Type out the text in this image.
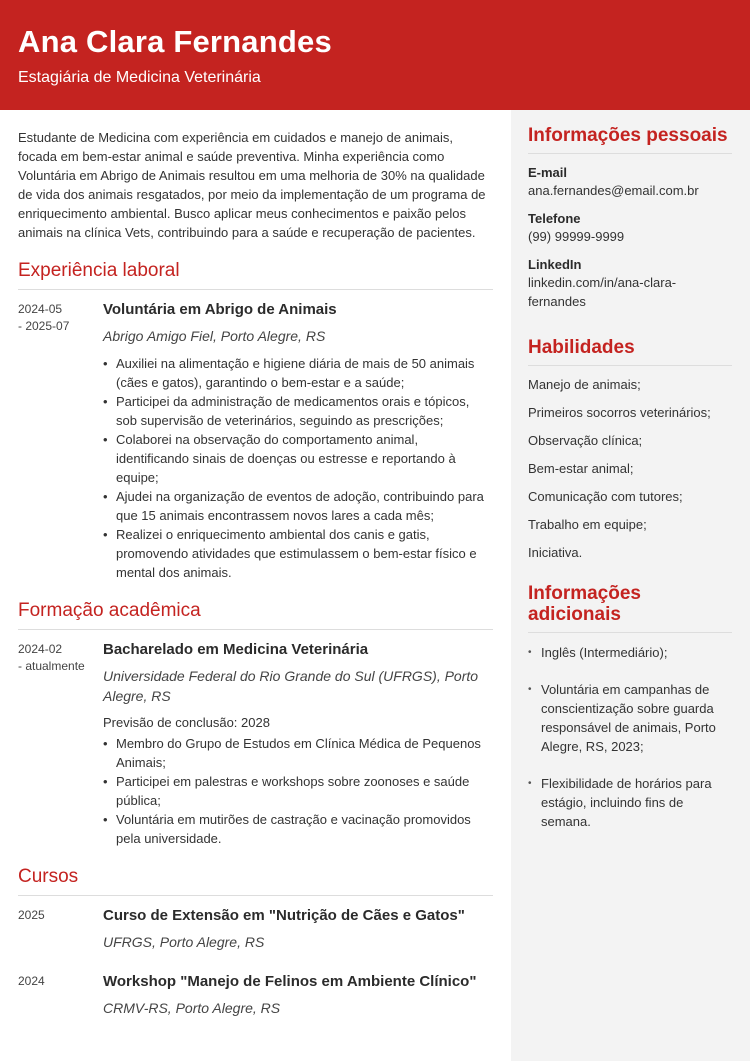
Ana Clara Fernandes
Estagiária de Medicina Veterinária

Estudante de Medicina com experiência em cuidados e manejo de animais, focada em bem-estar animal e saúde preventiva. Minha experiência como Voluntária em Abrigo de Animais resultou em uma melhoria de 30% na qualidade de vida dos animais resgatados, por meio da implementação de um programa de enriquecimento ambiental. Busco aplicar meus conhecimentos e paixão pelos animais na clínica Vets, contribuindo para a saúde e recuperação de pacientes.

Experiência laboral
2024-05
- 2025-07
Voluntária em Abrigo de Animais
Abrigo Amigo Fiel, Porto Alegre, RS
• Auxiliei na alimentação e higiene diária de mais de 50 animais (cães e gatos), garantindo o bem-estar e a saúde;
• Participei da administração de medicamentos orais e tópicos, sob supervisão de veterinários, seguindo as prescrições;
• Colaborei na observação do comportamento animal, identificando sinais de doenças ou estresse e reportando à equipe;
• Ajudei na organização de eventos de adoção, contribuindo para que 15 animais encontrassem novos lares a cada mês;
• Realizei o enriquecimento ambiental dos canis e gatis, promovendo atividades que estimulassem o bem-estar físico e mental dos animais.
Formação acadêmica
2024-02
- atualmente
Bacharelado em Medicina Veterinária
Universidade Federal do Rio Grande do Sul (UFRGS), Porto Alegre, RS
Previsão de conclusão: 2028
• Membro do Grupo de Estudos em Clínica Médica de Pequenos Animais;
• Participei em palestras e workshops sobre zoonoses e saúde pública;
• Voluntária em mutirões de castração e vacinação promovidos pela universidade.
Cursos
2025	Curso de Extensão em "Nutrição de Cães e Gatos"
UFRGS, Porto Alegre, RS
2024	Workshop "Manejo de Felinos em Ambiente Clínico"
CRMV-RS, Porto Alegre, RS
Informações pessoais
E-mail
ana.fernandes@email.com.br
Telefone
(99) 99999-9999
LinkedIn
linkedin.com/in/ana-clara-fernandes
Habilidades
Manejo de animais;
Primeiros socorros veterinários;
Observação clínica;
Bem-estar animal;
Comunicação com tutores;
Trabalho em equipe;
Iniciativa.
Informações adicionais
• Inglês (Intermediário);
• Voluntária em campanhas de conscientização sobre guarda responsável de animais, Porto Alegre, RS, 2023;
• Flexibilidade de horários para estágio, incluindo fins de semana.
